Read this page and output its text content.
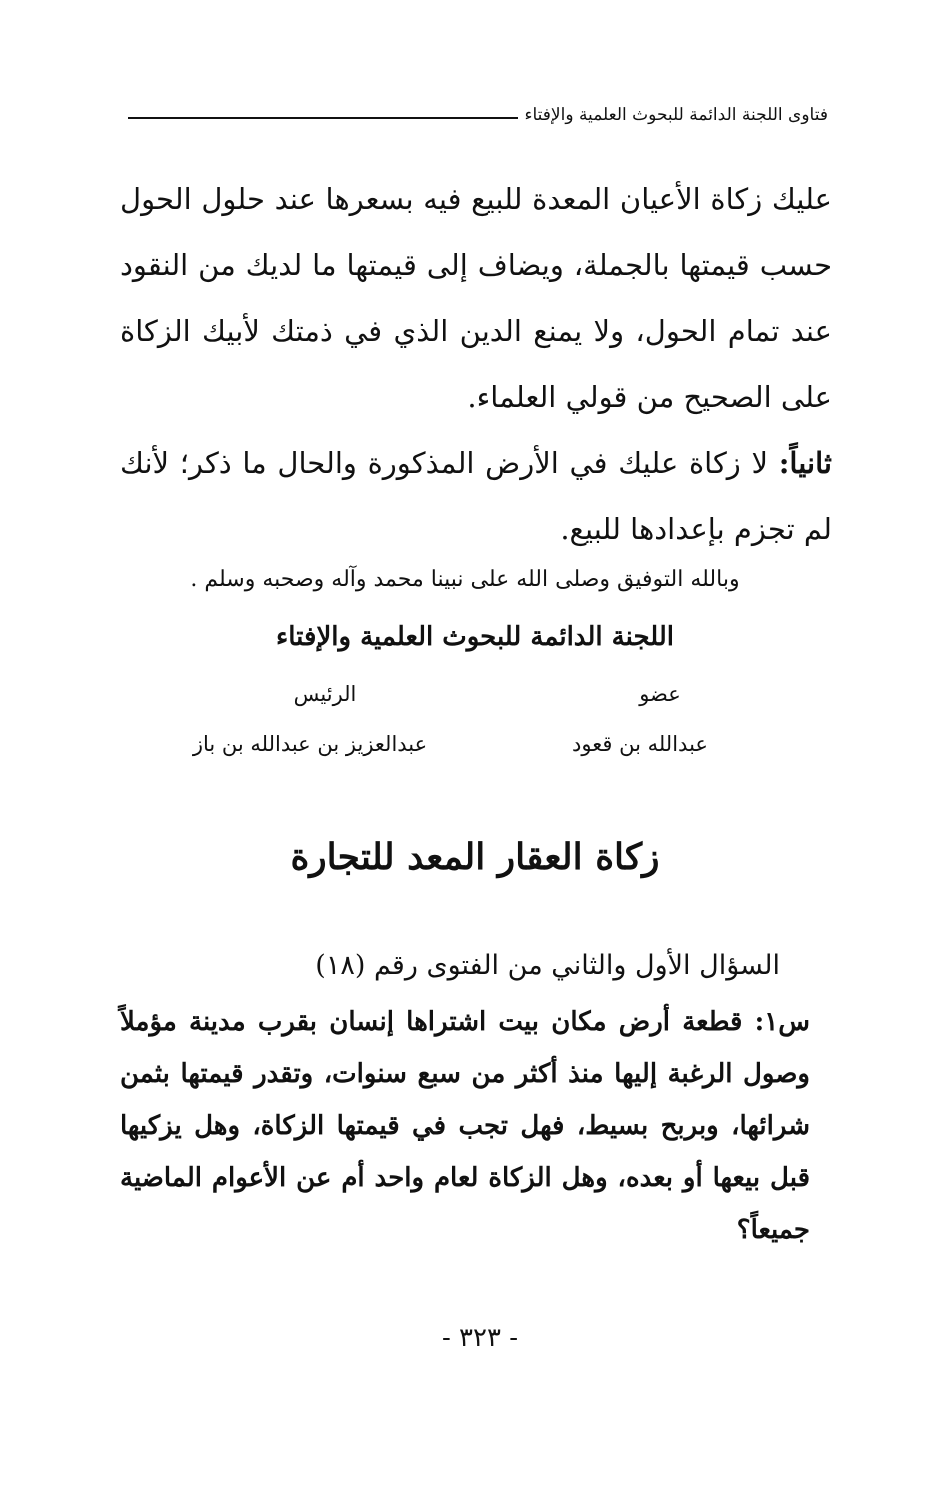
فتاوى اللجنة الدائمة للبحوث العلمية والإفتاء

عليك زكاة الأعيان المعدة للبيع فيه بسعرها عند حلول الحول حسب قيمتها بالجملة، ويضاف إلى قيمتها ما لديك من النقود عند تمام الحول، ولا يمنع الدين الذي في ذمتك لأبيك الزكاة على الصحيح من قولي العلماء.

ثانياً: لا زكاة عليك في الأرض المذكورة والحال ما ذكر؛ لأنك لم تجزم بإعدادها للبيع.

وبالله التوفيق وصلى الله على نبينا محمد وآله وصحبه وسلم .
اللجنة الدائمة للبحوث العلمية والإفتاء
عضو
عبدالله بن قعود
الرئيس
عبدالعزيز بن عبدالله بن باز
زكاة العقار المعد للتجارة
السؤال الأول والثاني من الفتوى رقم (١٨)

س١: قطعة أرض مكان بيت اشتراها إنسان بقرب مدينة مؤملاً وصول الرغبة إليها منذ أكثر من سبع سنوات، وتقدر قيمتها بثمن شرائها، وبربح بسيط، فهل تجب في قيمتها الزكاة، وهل يزكيها قبل بيعها أو بعده، وهل الزكاة لعام واحد أم عن الأعوام الماضية جميعاً؟

- ٣٢٣ -
